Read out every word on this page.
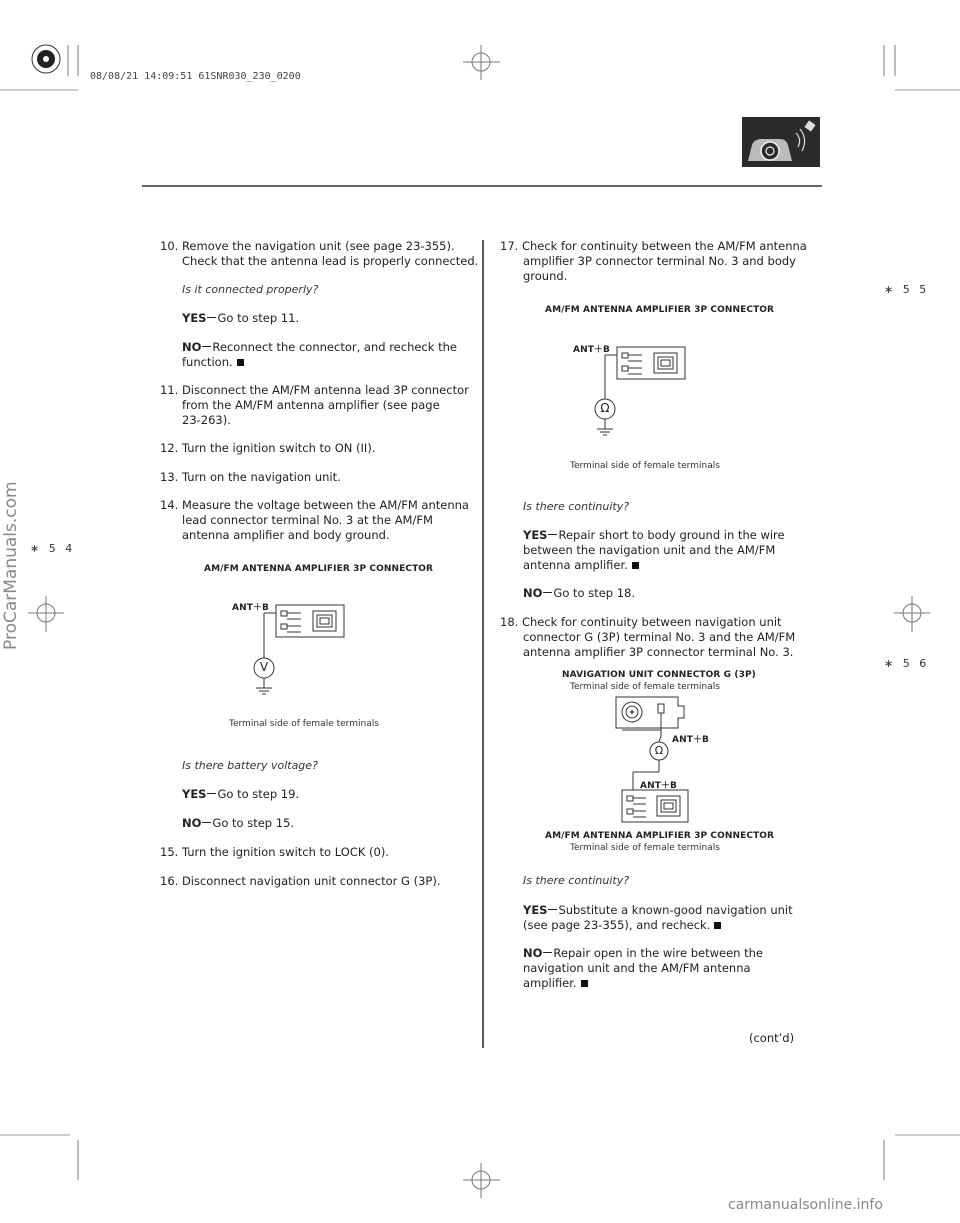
08/08/21 14:09:51 61SNR030_230_0200
ProCarManuals.com
carmanualsonline.info
∗ 5 5
∗ 5 6
∗ 5 4
10. Remove the navigation unit (see page 23-355).
Check that the antenna lead is properly connected.
Is it connected properly?
YES Go to step 11.
NO Reconnect the connector, and recheck the
function.
11. Disconnect the AM/FM antenna lead 3P connector
from the AM/FM antenna amplifier (see page
23-263).
12. Turn the ignition switch to ON (II).
13. Turn on the navigation unit.
14. Measure the voltage between the AM/FM antenna
lead connector terminal No. 3 at the AM/FM
antenna amplifier and body ground.
AM/FM ANTENNA AMPLIFIER 3P CONNECTOR
ANT＋B
V
Terminal side of female terminals
Is there battery voltage?
YES Go to step 19.
NO Go to step 15.
15. Turn the ignition switch to LOCK (0).
16. Disconnect navigation unit connector G (3P).
17. Check for continuity between the AM/FM antenna
amplifier 3P connector terminal No. 3 and body
ground.
AM/FM ANTENNA AMPLIFIER 3P CONNECTOR
ANT＋B
Ω
Terminal side of female terminals
Is there continuity?
YES Repair short to body ground in the wire
between the navigation unit and the AM/FM
antenna amplifier.
NO Go to step 18.
18. Check for continuity between navigation unit
connector G (3P) terminal No. 3 and the AM/FM
antenna amplifier 3P connector terminal No. 3.
NAVIGATION UNIT CONNECTOR G (3P)
Terminal side of female terminals
ANT＋B
Ω
ANT＋B
AM/FM ANTENNA AMPLIFIER 3P CONNECTOR
Terminal side of female terminals
Is there continuity?
YES Substitute a known-good navigation unit
(see page 23-355), and recheck.
NO Repair open in the wire between the
navigation unit and the AM/FM antenna
amplifier.
(cont’d)
